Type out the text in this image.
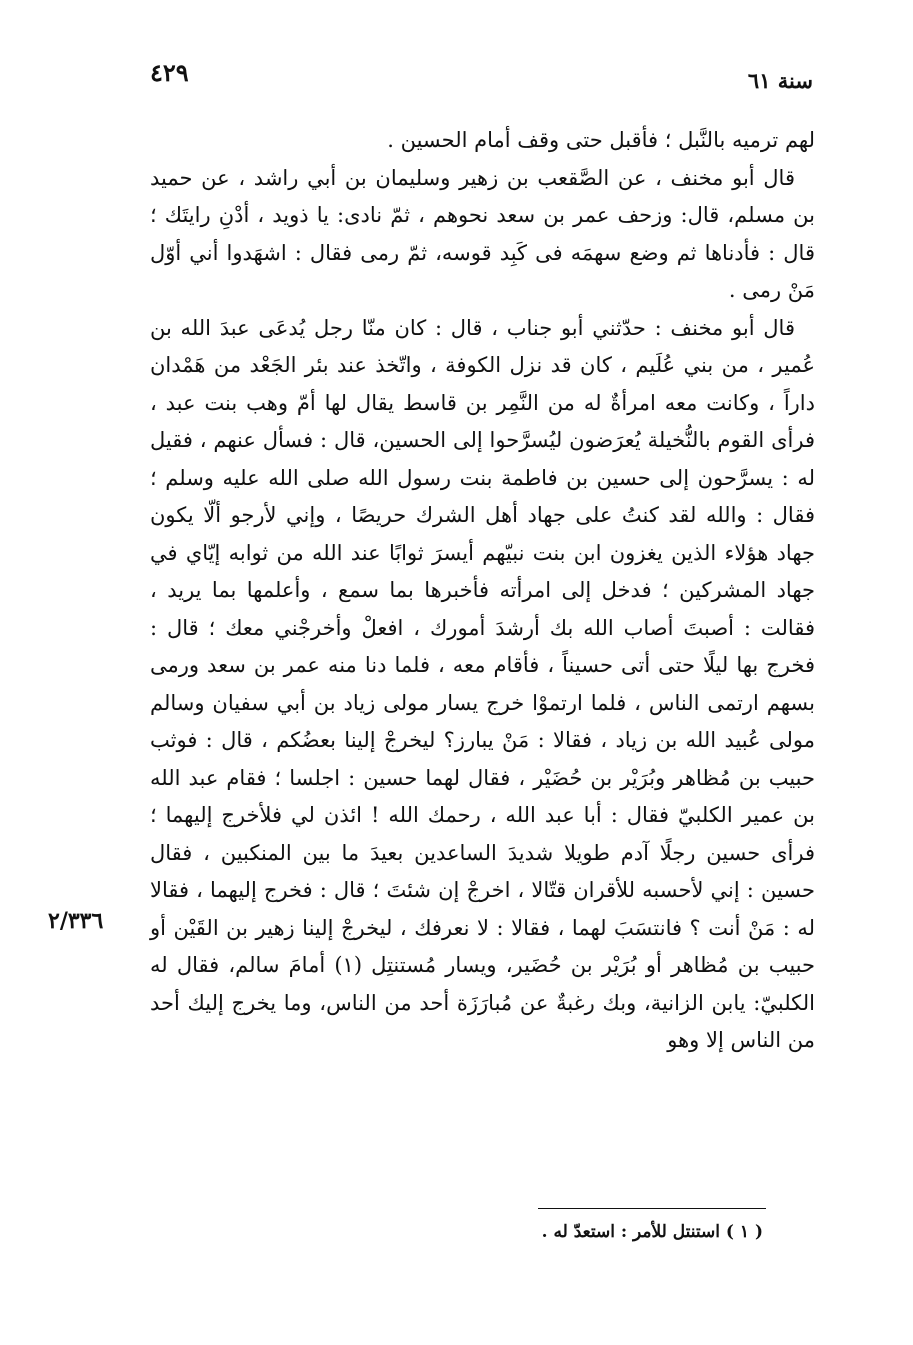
٤٢٩	سنة ٦١
٢/٣٣٦

لهم ترميه بالنَّبل ؛ فأقبل حتى وقف أمام الحسين .

قال أبو مخنف ، عن الصَّقعب بن زهير وسليمان بن أبي راشد ، عن حميد بن مسلم، قال: وزحف عمر بن سعد نحوهم ، ثمّ نادى: يا ذويد ، أدْنِ رايتَك ؛ قال : فأدناها ثم وضع سهمَه فى كَبِد قوسه، ثمّ رمى فقال : اشهَدوا أني أوّل مَنْ رمى .

قال أبو مخنف : حدّثني أبو جناب ، قال : كان منّا رجل يُدعَى عبدَ الله بن عُمير ، من بني عُلَيم ، كان قد نزل الكوفة ، واتّخذ عند بئر الجَعْد من هَمْدان داراً ، وكانت معه امرأةٌ له من النَّمِر بن قاسط يقال لها أمّ وهب بنت عبد ، فرأى القوم بالنُّخيلة يُعرَضون ليُسرَّحوا إلى الحسين، قال : فسأل عنهم ، فقيل له : يسرَّحون إلى حسين بن فاطمة بنت رسول الله صلى الله عليه وسلم ؛ فقال : والله لقد كنتُ على جهاد أهل الشرك حريصًا ، وإني لأرجو ألّا يكون جهاد هؤلاء الذين يغزون ابن بنت نبيّهم أيسرَ ثوابًا عند الله من ثوابه إيّاي في جهاد المشركين ؛ فدخل إلى امرأته فأخبرها بما سمع ، وأعلمها بما يريد ، فقالت : أصبتَ أصاب الله بك أرشدَ أمورك ، افعلْ وأخرجْني معك ؛ قال : فخرج بها ليلًا حتى أتى حسيناً ، فأقام معه ، فلما دنا منه عمر بن سعد ورمى بسهم ارتمى الناس ، فلما ارتموْا خرج يسار مولى زياد بن أبي سفيان وسالم مولى عُبيد الله بن زياد ، فقالا : مَنْ يبارز؟ ليخرجْ إلينا بعضُكم ، قال : فوثب حبيب بن مُظاهر وبُرَيْر بن حُضَيْر ، فقال لهما حسين : اجلسا ؛ فقام عبد الله بن عمير الكلبيّ فقال : أبا عبد الله ، رحمك الله ! ائذن لي فلأخرج إليهما ؛ فرأى حسين رجلًا آدم طويلا شديدَ الساعدين بعيدَ ما بين المنكبين ، فقال حسين : إني لأحسبه للأقران قتّالا ، اخرجْ إن شئتَ ؛ قال : فخرج إليهما ، فقالا له : مَنْ أنت ؟ فانتسَبَ لهما ، فقالا : لا نعرفك ، ليخرجْ إلينا زهير بن القَيْن أو حبيب بن مُظاهر أو بُرَيْر بن حُضَير، ويسار مُستنتِل (١) أمامَ سالم، فقال له الكلبيّ: يابن الزانية، وبك رغبةٌ عن مُبارَزَة أحد من الناس، وما يخرج إليك أحد من الناس إلا وهو

( ١ ) استنتل للأمر : استعدّ له .
